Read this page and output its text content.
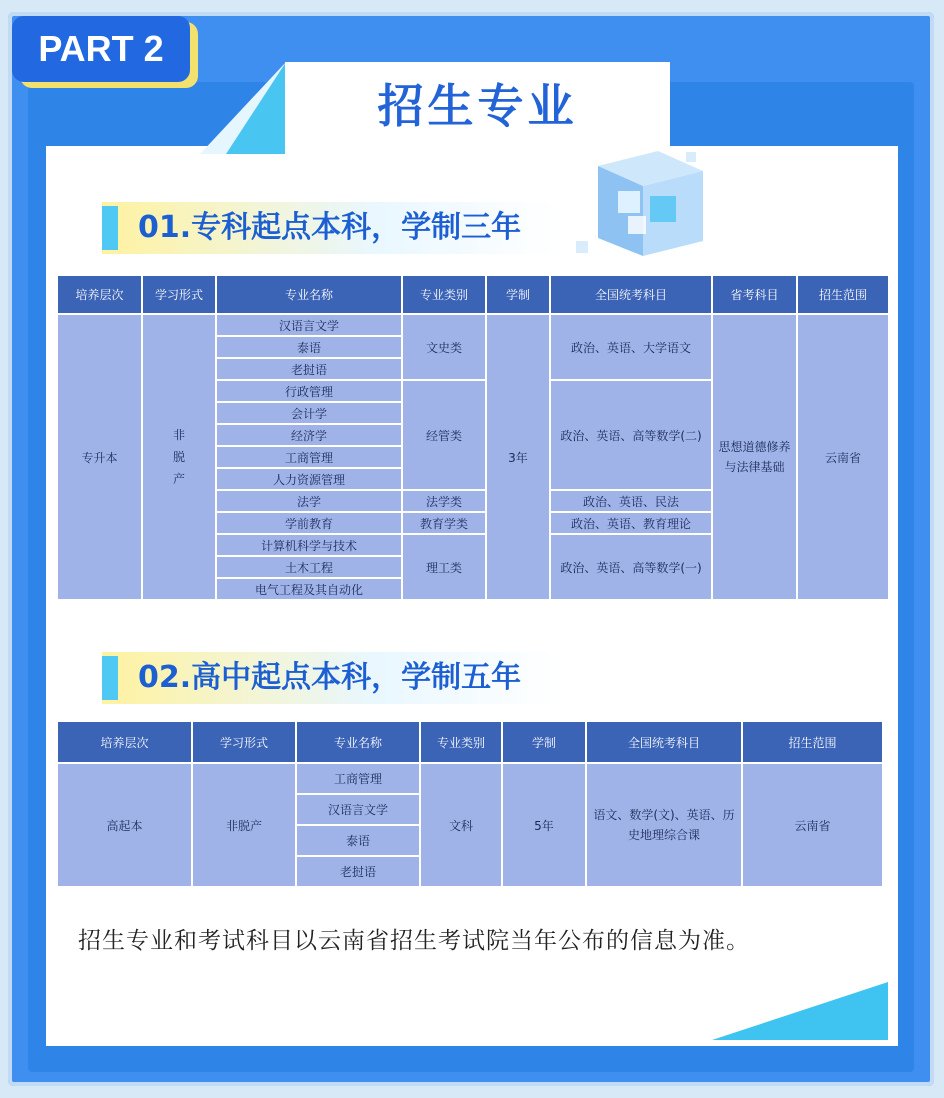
招生专业
PART 2
01.专科起点本科，学制三年
培养层次	学习形式	专业名称	专业类别	学制	全国统考科目	省考科目	招生范围
专升本	非脱产	汉语言文学	文史类	3年	政治、英语、大学语文	思想道德修养与法律基础	云南省
		泰语					
		老挝语					
		行政管理	经管类		政治、英语、高等数学(二)		
		会计学					
		经济学					
		工商管理					
		人力资源管理					
		法学	法学类		政治、英语、民法		
		学前教育	教育学类		政治、英语、教育理论		
		计算机科学与技术	理工类		政治、英语、高等数学(一)		
		土木工程					
		电气工程及其自动化					
02.高中起点本科，学制五年
培养层次	学习形式	专业名称	专业类别	学制	全国统考科目	招生范围
高起本	非脱产	工商管理	文科	5年	语文、数学(文)、英语、历史地理综合课	云南省
		汉语言文学				
		泰语				
		老挝语				
招生专业和考试科目以云南省招生考试院当年公布的信息为准。
